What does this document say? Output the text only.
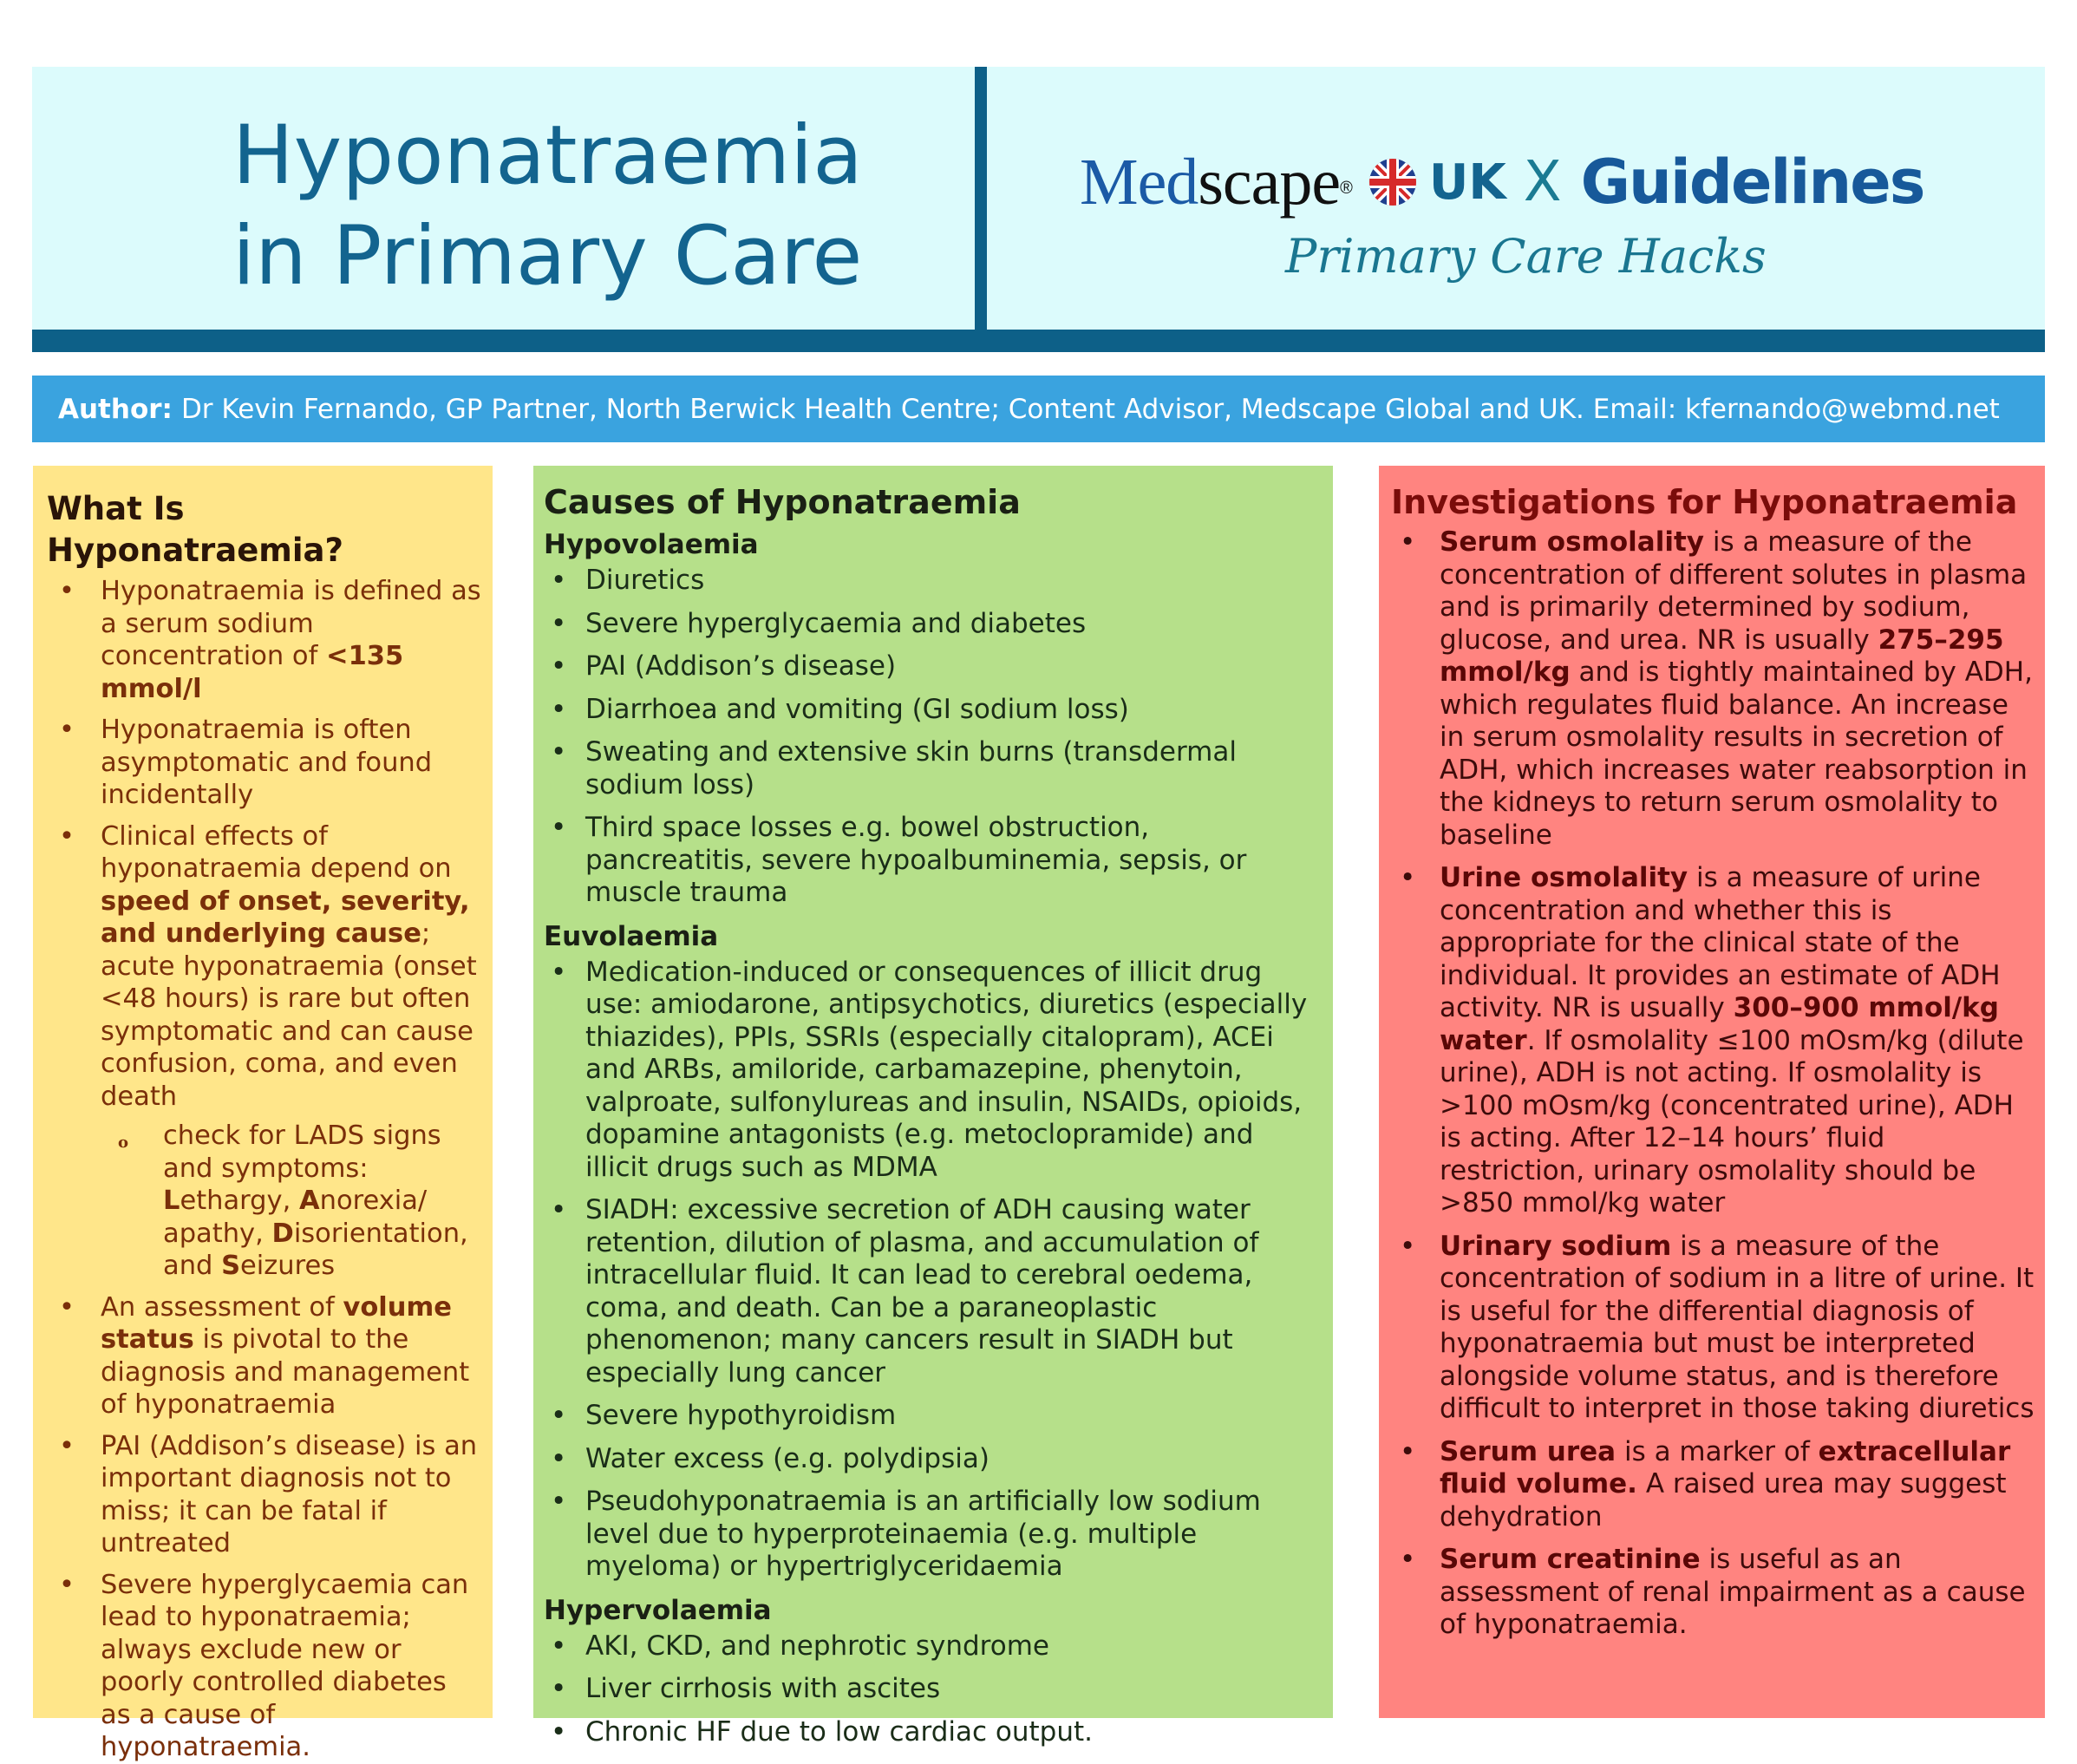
Hyponatraemia
in Primary Care
Med scape ® UK X Guidelines
Primary Care Hacks
Author: Dr Kevin Fernando, GP Partner, North Berwick Health Centre; Content Advisor, Medscape Global and UK. Email: kfernando@webmd.net
What Is Hyponatraemia?
• Hyponatraemia is defined as a serum sodium concentration of <135 mmol/l
• Hyponatraemia is often asymptomatic and found incidentally
• Clinical effects of hyponatraemia depend on speed of onset, severity, and underlying cause; acute hyponatraemia (onset <48 hours) is rare but often symptomatic and can cause confusion, coma, and even death
o check for LADS signs and symptoms: Lethargy, Anorexia/ apathy, Disorientation, and Seizures
• An assessment of volume status is pivotal to the diagnosis and management of hyponatraemia
• PAI (Addison’s disease) is an important diagnosis not to miss; it can be fatal if untreated
• Severe hyperglycaemia can lead to hyponatraemia; always exclude new or poorly controlled diabetes as a cause of hyponatraemia.
Causes of Hyponatraemia
Hypovolaemia
• Diuretics
• Severe hyperglycaemia and diabetes
• PAI (Addison’s disease)
• Diarrhoea and vomiting (GI sodium loss)
• Sweating and extensive skin burns (transdermal sodium loss)
• Third space losses e.g. bowel obstruction, pancreatitis, severe hypoalbuminemia, sepsis, or muscle trauma
Euvolaemia
• Medication-induced or consequences of illicit drug use: amiodarone, antipsychotics, diuretics (especially thiazides), PPIs, SSRIs (especially citalopram), ACEi and ARBs, amiloride, carbamazepine, phenytoin, valproate, sulfonylureas and insulin, NSAIDs, opioids, dopamine antagonists (e.g. metoclopramide) and illicit drugs such as MDMA
• SIADH: excessive secretion of ADH causing water retention, dilution of plasma, and accumulation of intracellular fluid. It can lead to cerebral oedema, coma, and death. Can be a paraneoplastic phenomenon; many cancers result in SIADH but especially lung cancer
• Severe hypothyroidism
• Water excess (e.g. polydipsia)
• Pseudohyponatraemia is an artificially low sodium level due to hyperproteinaemia (e.g. multiple myeloma) or hypertriglyceridaemia
Hypervolaemia
• AKI, CKD, and nephrotic syndrome
• Liver cirrhosis with ascites
• Chronic HF due to low cardiac output.
Investigations for Hyponatraemia
• Serum osmolality is a measure of the concentration of different solutes in plasma and is primarily determined by sodium, glucose, and urea. NR is usually 275–295 mmol/kg and is tightly maintained by ADH, which regulates fluid balance. An increase in serum osmolality results in secretion of ADH, which increases water reabsorption in the kidneys to return serum osmolality to baseline
• Urine osmolality is a measure of urine concentration and whether this is appropriate for the clinical state of the individual. It provides an estimate of ADH activity. NR is usually 300–900 mmol/kg water. If osmolality ≤100 mOsm/kg (dilute urine), ADH is not acting. If osmolality is >100 mOsm/kg (concentrated urine), ADH is acting. After 12–14 hours’ fluid restriction, urinary osmolality should be >850 mmol/kg water
• Urinary sodium is a measure of the concentration of sodium in a litre of urine. It is useful for the differential diagnosis of hyponatraemia but must be interpreted alongside volume status, and is therefore difficult to interpret in those taking diuretics
• Serum urea is a marker of extracellular fluid volume. A raised urea may suggest dehydration
• Serum creatinine is useful as an assessment of renal impairment as a cause of hyponatraemia.
